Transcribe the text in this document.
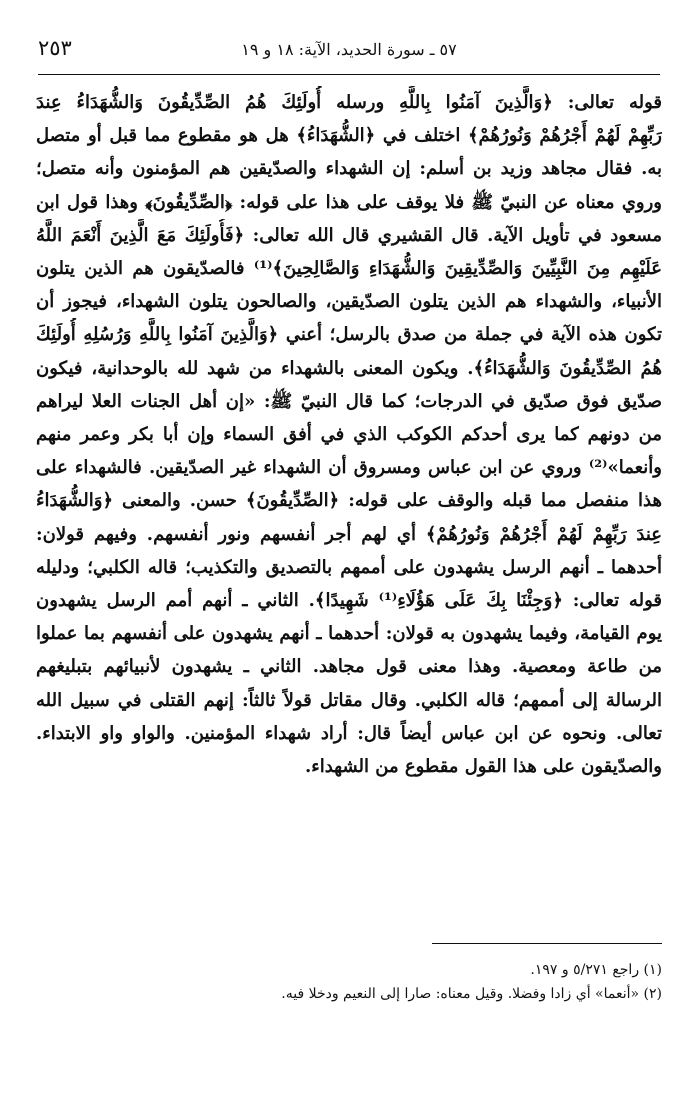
٢٥٣	٥٧ ـ سورة الحديد، الآية: ١٨ و ١٩
قوله تعالى: ﴿وَالَّذِينَ آمَنُوا بِاللَّهِ ورسله أُولَئِكَ هُمُ الصِّدِّيقُونَ وَالشُّهَدَاءُ عِندَ
رَبِّهِمْ لَهُمْ أَجْرُهُمْ وَنُورُهُمْ﴾ اختلف في ﴿الشُّهَدَاءُ﴾ هل هو مقطوع مما قبل أو متصل
به. فقال مجاهد وزيد بن أسلم: إن الشهداء والصدّيقين هم المؤمنون وأنه متصل؛
وروي معناه عن النبيّ ﷺ فلا يوقف على هذا على قوله: ﴿الصِّدِّيقُونَ﴾ وهذا قول ابن
مسعود في تأويل الآية. قال القشيري قال الله تعالى: ﴿فَأُولَئِكَ مَعَ الَّذِينَ أَنْعَمَ اللَّهُ
عَلَيْهِم مِنَ النَّبِيِّينَ وَالصِّدِّيقِينَ وَالشُّهَدَاءِ وَالصَّالِحِينَ﴾⁽¹⁾ فالصدّيقون هم الذين يتلون
الأنبياء، والشهداء هم الذين يتلون الصدّيقين، والصالحون يتلون الشهداء، فيجوز أن
تكون هذه الآية في جملة من صدق بالرسل؛ أعني ﴿وَالَّذِينَ آمَنُوا بِاللَّهِ وَرُسُلِهِ أُولَئِكَ
هُمُ الصِّدِّيقُونَ وَالشُّهَدَاءُ﴾. ويكون المعنى بالشهداء من شهد لله بالوحدانية، فيكون
صدّيق فوق صدّيق في الدرجات؛ كما قال النبيّ ﷺ: «إن أهل الجنات العلا ليراهم
من دونهم كما يرى أحدكم الكوكب الذي في أفق السماء وإن أبا بكر وعمر منهم
وأنعما»⁽²⁾ وروي عن ابن عباس ومسروق أن الشهداء غير الصدّيقين. فالشهداء على
هذا منفصل مما قبله والوقف على قوله: ﴿الصِّدِّيقُونَ﴾ حسن. والمعنى ﴿وَالشُّهَدَاءُ
عِندَ رَبِّهِمْ لَهُمْ أَجْرُهُمْ وَنُورُهُمْ﴾ أي لهم أجر أنفسهم ونور أنفسهم. وفيهم قولان:
أحدهما ـ أنهم الرسل يشهدون على أممهم بالتصديق والتكذيب؛ قاله الكلبي؛ ودليله
قوله تعالى: ﴿وَجِئْنَا بِكَ عَلَى هَؤُلَاءِ⁽¹⁾ شَهِيدًا﴾. الثاني ـ أنهم أمم الرسل يشهدون
يوم القيامة، وفيما يشهدون به قولان: أحدهما ـ أنهم يشهدون على أنفسهم بما عملوا
من طاعة ومعصية. وهذا معنى قول مجاهد. الثاني ـ يشهدون لأنبيائهم بتبليغهم
الرسالة إلى أممهم؛ قاله الكلبي. وقال مقاتل قولاً ثالثاً: إنهم القتلى في سبيل الله
تعالى. ونحوه عن ابن عباس أيضاً قال: أراد شهداء المؤمنين. والواو واو الابتداء.
والصدّيقون على هذا القول مقطوع من الشهداء.
(١) راجع ٥/٢٧١ و ١٩٧.
(٢) «أنعما» أي زادا وفضلا. وقيل معناه: صارا إلى النعيم ودخلا فيه.
